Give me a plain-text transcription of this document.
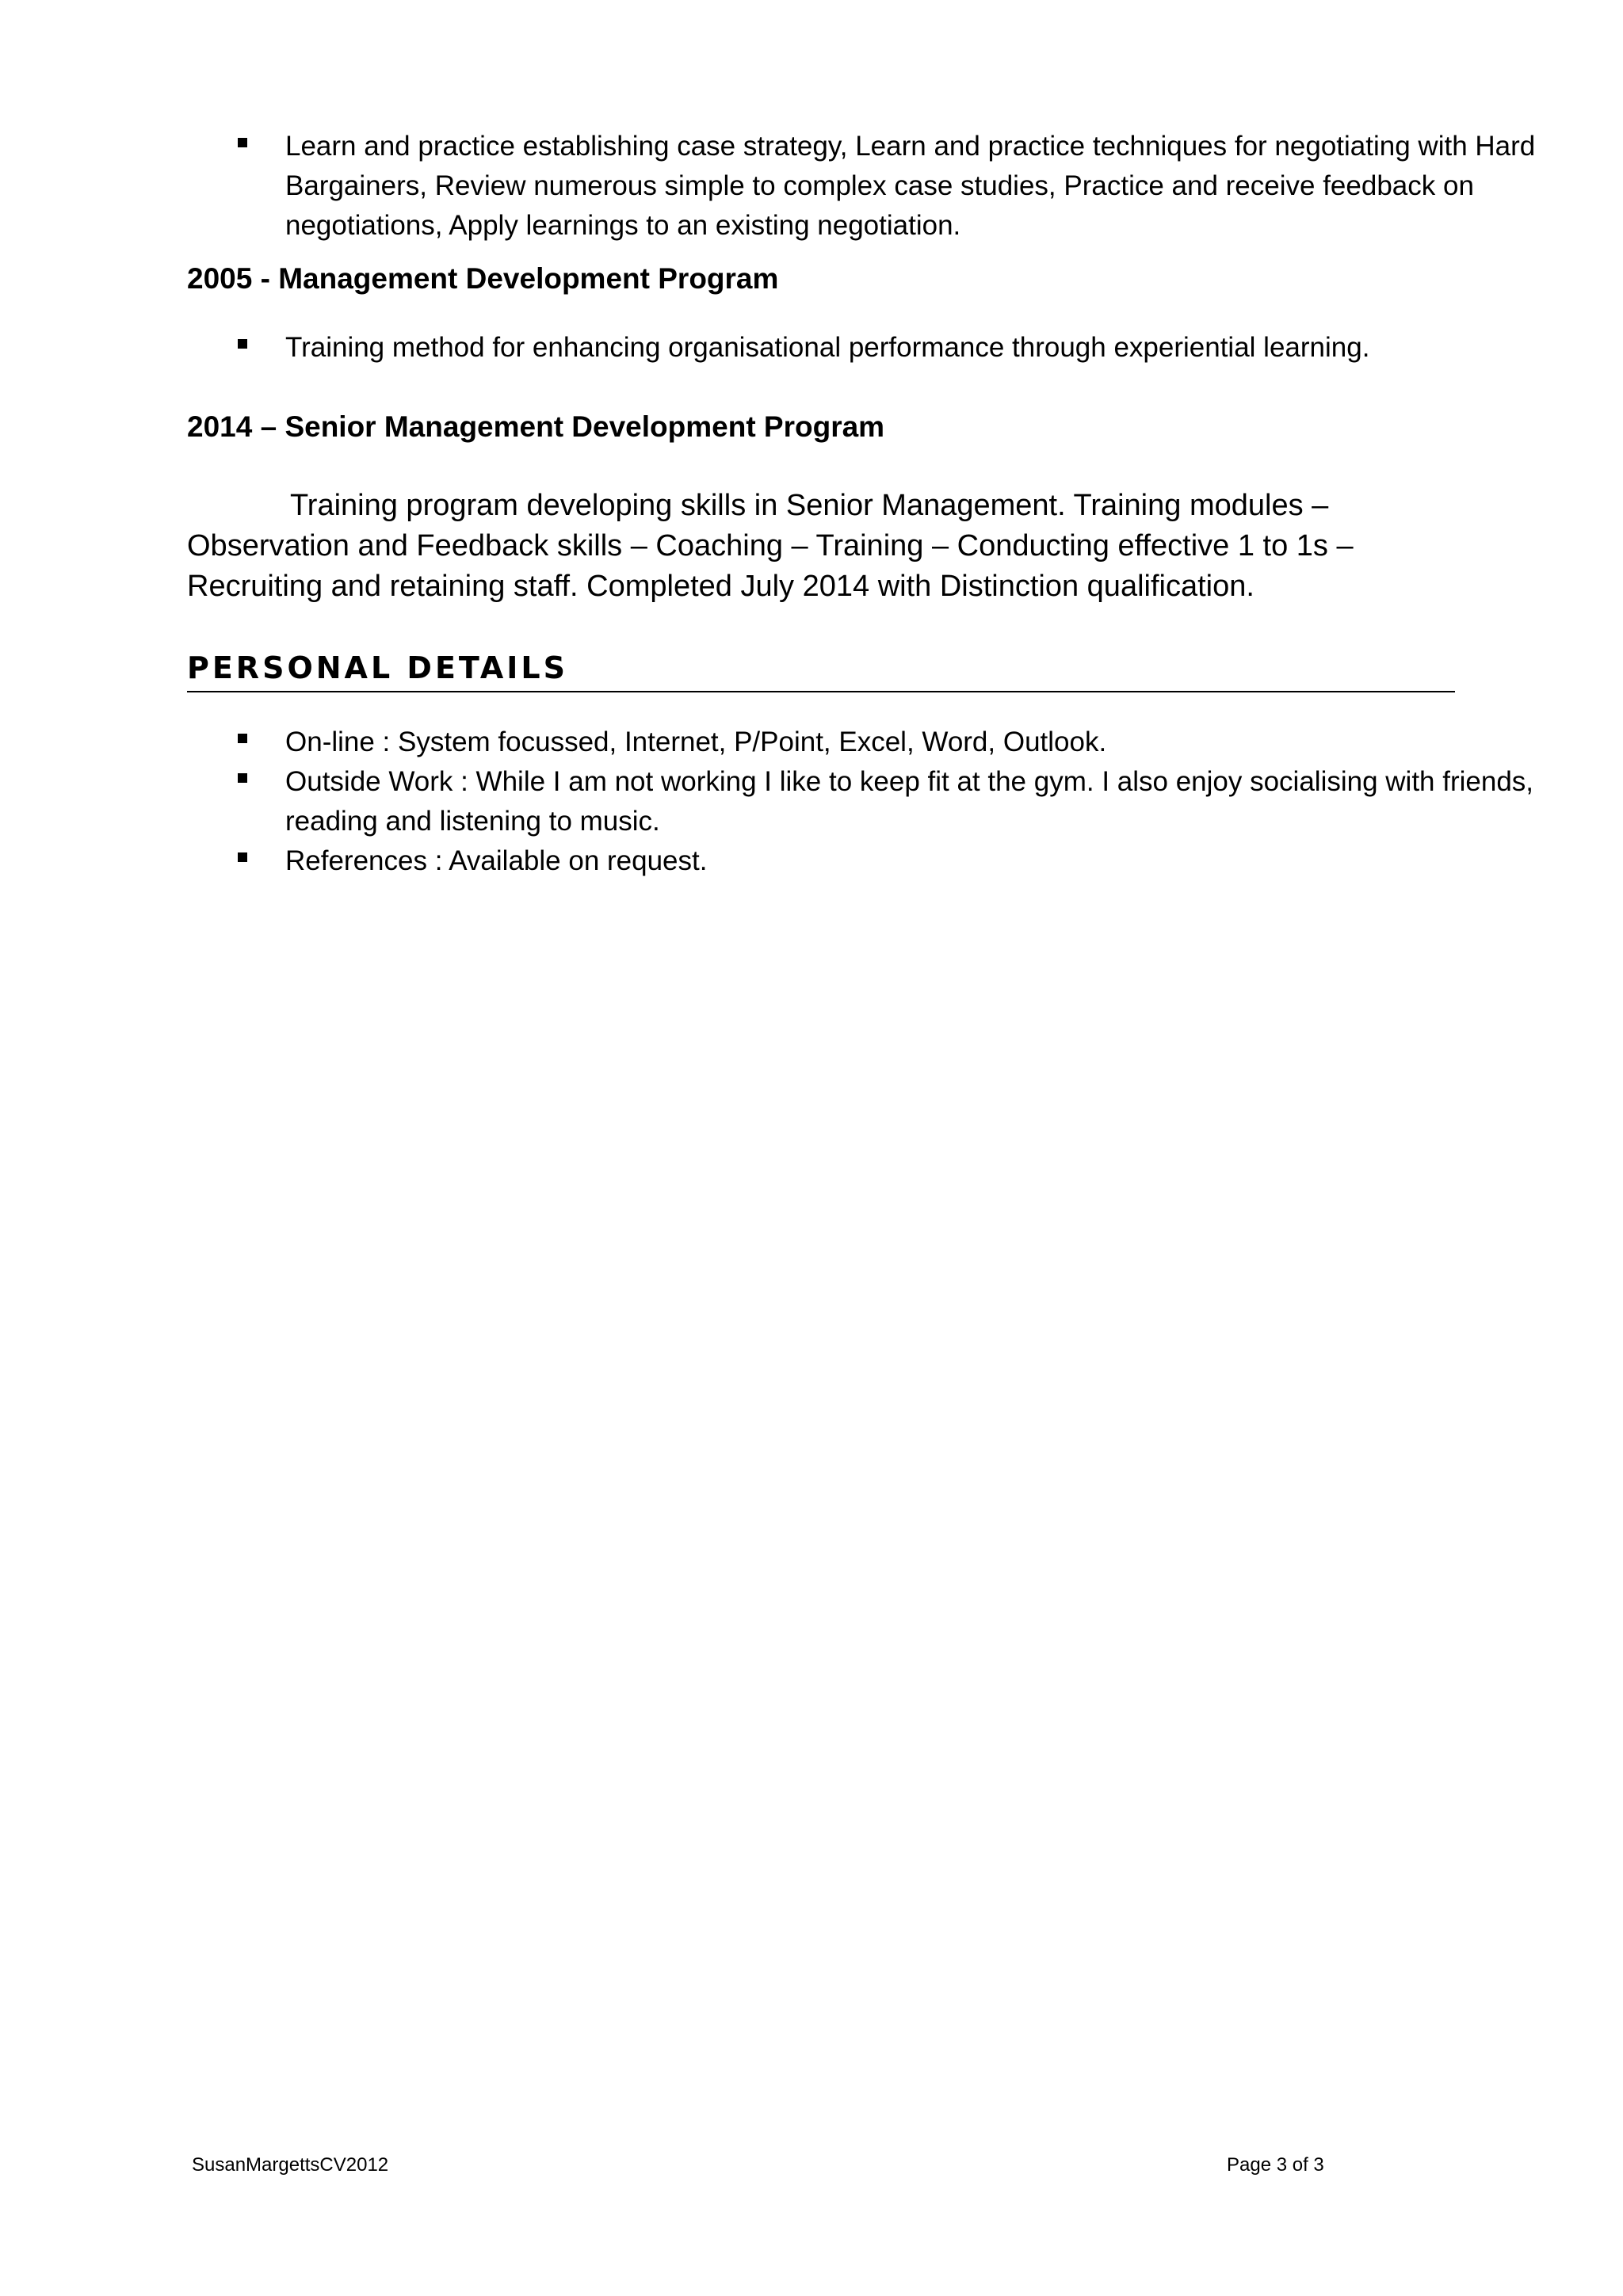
Learn and practice establishing case strategy, Learn and practice techniques for negotiating with Hard Bargainers, Review numerous simple to complex case studies, Practice and receive feedback on negotiations, Apply learnings to an existing negotiation.
2005 - Management Development Program
Training method for enhancing organisational performance through experiential learning.
2014 – Senior Management Development Program
Training program developing skills in Senior Management. Training modules – Observation and Feedback skills – Coaching – Training – Conducting effective 1 to 1s – Recruiting and retaining staff. Completed July 2014 with Distinction qualification.
PERSONAL DETAILS
On-line : System focussed, Internet, P/Point, Excel, Word, Outlook.
Outside Work : While I am not working I like to keep fit at the gym. I also enjoy socialising with friends, reading and listening to music.
References : Available on request.
SusanMargettsCV2012	Page 3 of 3
